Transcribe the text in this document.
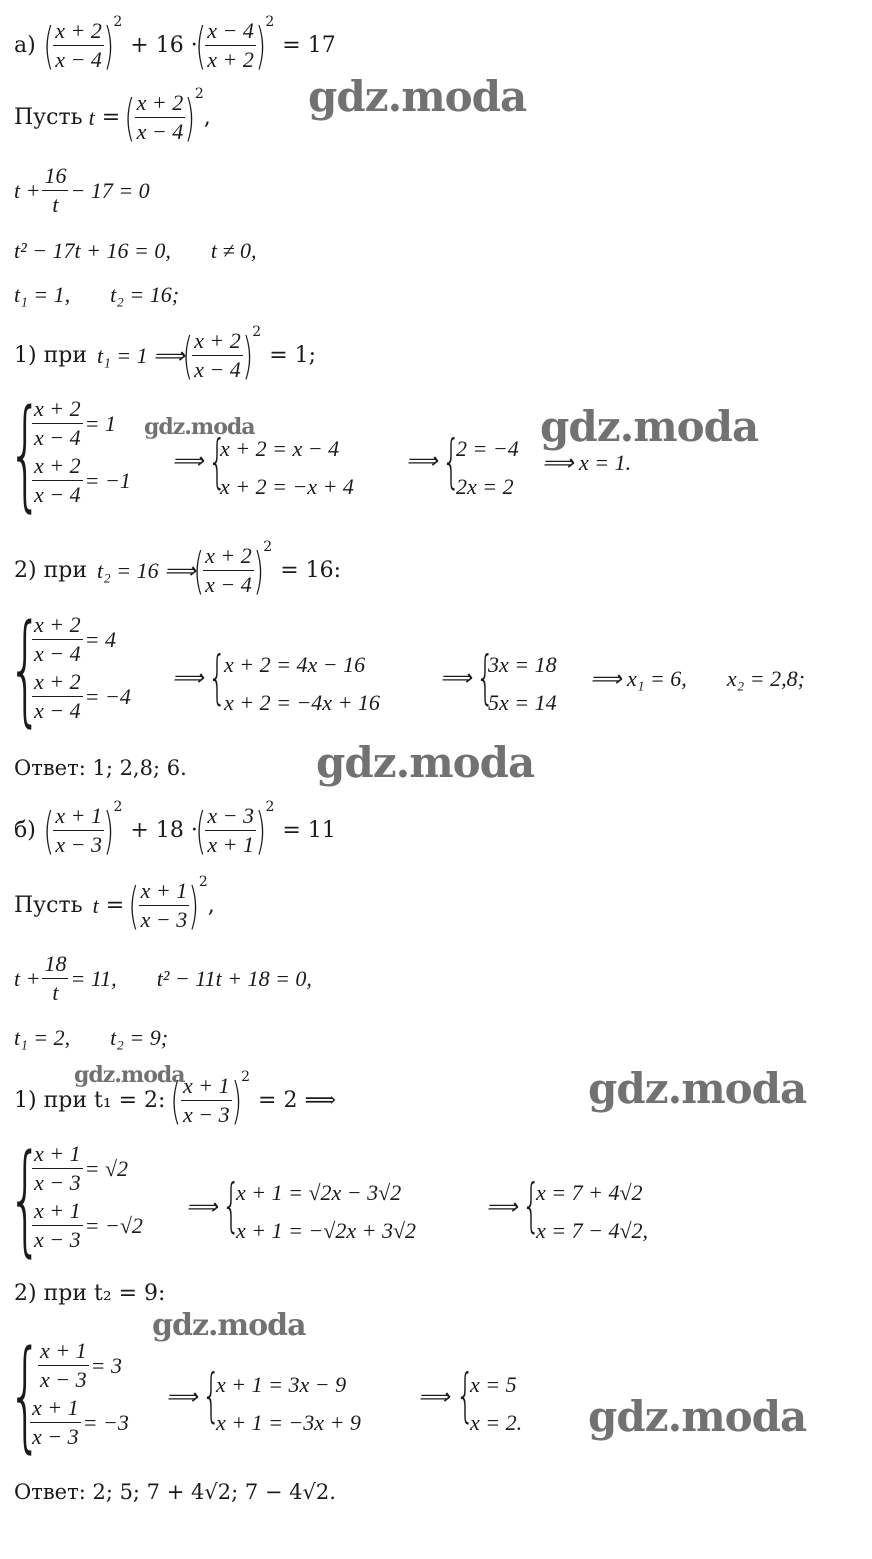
а) ( $\frac{x + 2}{x - 4}$ ) 2
+ 16 ·
( $\frac{x - 4}{x + 2}$ ) 2
= 17
Пусть t =
( $\frac{x + 2}{x - 4}$ ) 2
,
$t + \frac{16}{t} - 17 = 0$
t² − 17t + 16 = 0, t ≠ 0,
t₁ = 1, t₂ = 16;
1) при t₁ = 1 ⟹
( $\frac{x + 2}{x - 4}$ ) 2
= 1;
{
$\frac{x + 2}{x - 4} = 1$
$\frac{x + 2}{x - 4} = -1$
⟹ {
x + 2 = x − 4
x + 2 = −x + 4
⟹ {
2 = −4
2x = 2
⟹ x = 1.
2) при t₂ = 16 ⟹
( $\frac{x + 2}{x - 4}$ ) 2
= 16:
{
$\frac{x + 2}{x - 4} = 4$
$\frac{x + 2}{x - 4} = -4$
⟹ {
x + 2 = 4x − 16
x + 2 = −4x + 16
⟹ {
3x = 18
5x = 14
⟹ x₁ = 6, x₂ = 2,8;
Ответ: 1; 2,8; 6.
б) ( $\frac{x + 1}{x - 3}$ ) 2
+ 18 ·
( $\frac{x - 3}{x + 1}$ ) 2
= 11
Пусть t =
( $\frac{x + 1}{x - 3}$ ) 2
,
$t + \frac{18}{t} = 11$, t² − 11t + 18 = 0,
t₁ = 2, t₂ = 9;
1) при t₁ = 2: ( $\frac{x + 1}{x - 3}$ ) 2
= 2 ⟹
{
$\frac{x + 1}{x - 3} = √2$
$\frac{x + 1}{x - 3} = -√2$
⟹ {
x + 1 = √2x − 3√2
x + 1 = −√2x + 3√2
⟹ {
x = 7 + 4√2
x = 7 − 4√2,
2) при t₂ = 9:
{
$\frac{x + 1}{x - 3} = 3$
$\frac{x + 1}{x - 3} = -3$
⟹ {
x + 1 = 3x − 9
x + 1 = −3x + 9
⟹ {
x = 5
x = 2.
Ответ: 2; 5; 7 + 4√2; 7 − 4√2.
gdz.moda
gdz.moda
gdz.moda
gdz.moda
gdz.moda	gdz.moda
gdz.moda
gdz.moda
